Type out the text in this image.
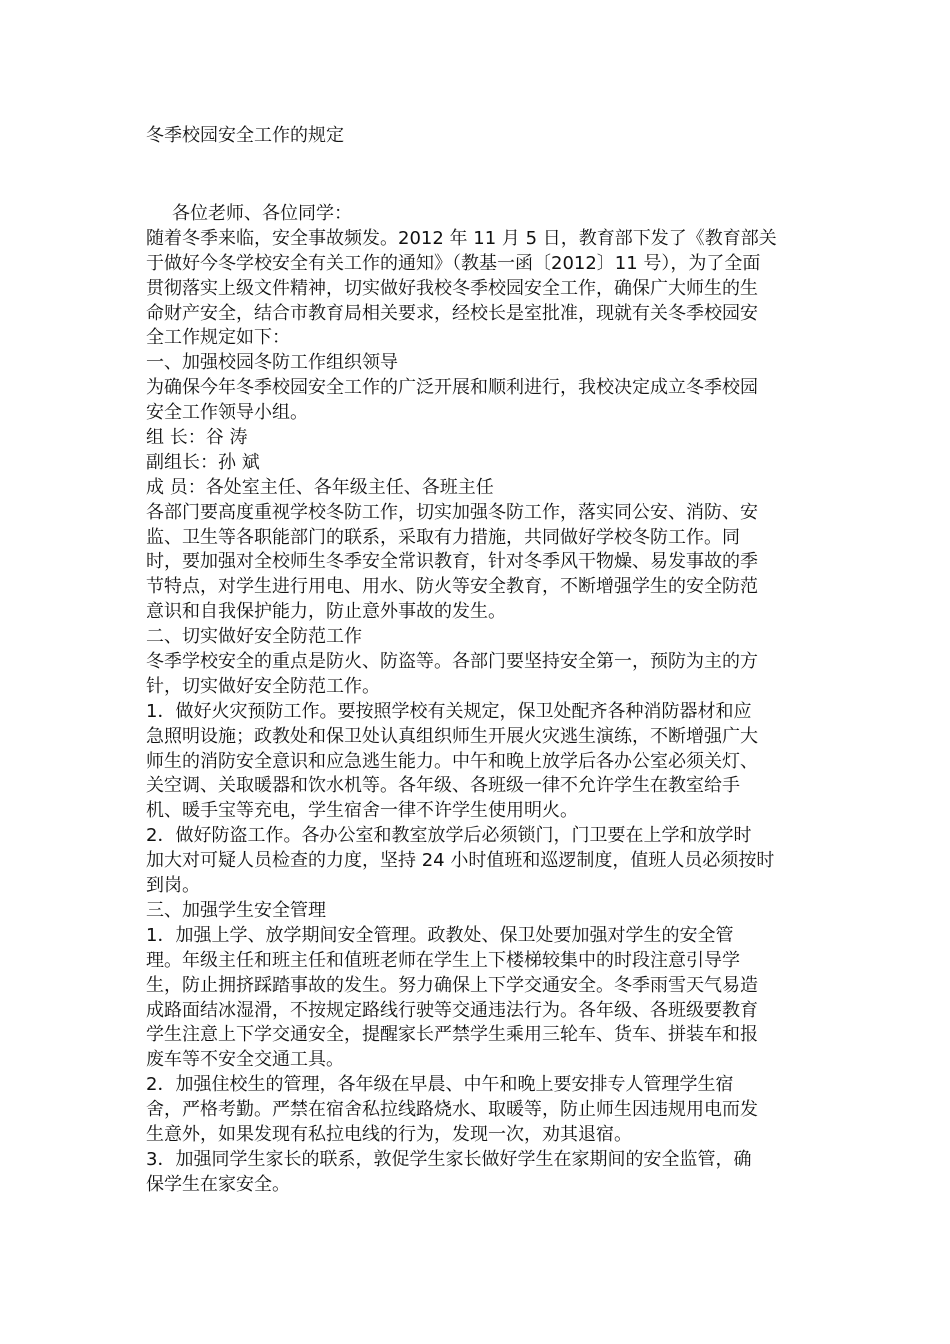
冬季校园安全工作的规定
各位老师、各位同学：
随着冬季来临，安全事故频发。2012 年 11 月 5 日，教育部下发了《教育部关
于做好今冬学校安全有关工作的通知》（教基一函〔2012〕11 号），为了全面
贯彻落实上级文件精神，切实做好我校冬季校园安全工作，确保广大师生的生
命财产安全，结合市教育局相关要求，经校长是室批准，现就有关冬季校园安
全工作规定如下：
一、加强校园冬防工作组织领导
为确保今年冬季校园安全工作的广泛开展和顺利进行，我校决定成立冬季校园
安全工作领导小组。
组 长：谷 涛
副组长：孙 斌
成 员：各处室主任、各年级主任、各班主任
各部门要高度重视学校冬防工作，切实加强冬防工作，落实同公安、消防、安
监、卫生等各职能部门的联系，采取有力措施，共同做好学校冬防工作。同
时，要加强对全校师生冬季安全常识教育，针对冬季风干物燥、易发事故的季
节特点，对学生进行用电、用水、防火等安全教育，不断增强学生的安全防范
意识和自我保护能力，防止意外事故的发生。
二、切实做好安全防范工作
冬季学校安全的重点是防火、防盗等。各部门要坚持安全第一，预防为主的方
针，切实做好安全防范工作。
1．做好火灾预防工作。要按照学校有关规定，保卫处配齐各种消防器材和应
急照明设施；政教处和保卫处认真组织师生开展火灾逃生演练，不断增强广大
师生的消防安全意识和应急逃生能力。中午和晚上放学后各办公室必须关灯、
关空调、关取暖器和饮水机等。各年级、各班级一律不允许学生在教室给手
机、暖手宝等充电，学生宿舍一律不许学生使用明火。
2．做好防盗工作。各办公室和教室放学后必须锁门，门卫要在上学和放学时
加大对可疑人员检查的力度，坚持 24 小时值班和巡逻制度，值班人员必须按时
到岗。
三、加强学生安全管理
1．加强上学、放学期间安全管理。政教处、保卫处要加强对学生的安全管
理。年级主任和班主任和值班老师在学生上下楼梯较集中的时段注意引导学
生，防止拥挤踩踏事故的发生。努力确保上下学交通安全。冬季雨雪天气易造
成路面结冰湿滑，不按规定路线行驶等交通违法行为。各年级、各班级要教育
学生注意上下学交通安全，提醒家长严禁学生乘用三轮车、货车、拼装车和报
废车等不安全交通工具。
2．加强住校生的管理，各年级在早晨、中午和晚上要安排专人管理学生宿
舍，严格考勤。严禁在宿舍私拉线路烧水、取暖等，防止师生因违规用电而发
生意外，如果发现有私拉电线的行为，发现一次，劝其退宿。
3．加强同学生家长的联系，敦促学生家长做好学生在家期间的安全监管，确
保学生在家安全。
